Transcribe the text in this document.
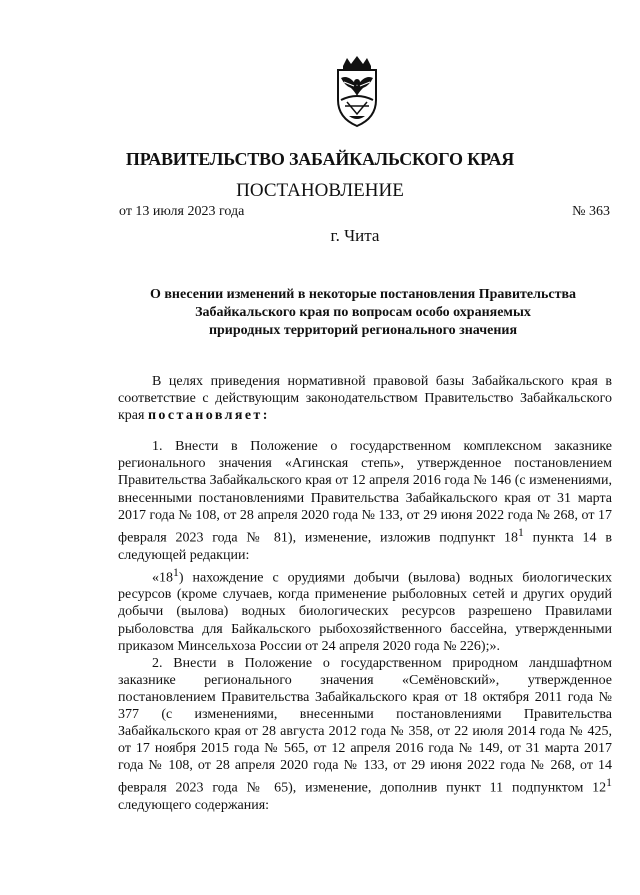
ПРАВИТЕЛЬСТВО ЗАБАЙКАЛЬСКОГО КРАЯ
ПОСТАНОВЛЕНИЕ
от 13 июля 2023 года	№ 363
г. Чита
О внесении изменений в некоторые постановления Правительства
Забайкальского края по вопросам особо охраняемых
природных территорий регионального значения

В целях приведения нормативной правовой базы Забайкальского края в соответствие с действующим законодательством Правительство Забайкальского края постановляет:

1. Внести в Положение о государственном комплексном заказнике регионального значения «Агинская степь», утвержденное постановлением Правительства Забайкальского края от 12 апреля 2016 года № 146 (с изменениями, внесенными постановлениями Правительства Забайкальского края от 31 марта 2017 года № 108, от 28 апреля 2020 года № 133, от 29 июня 2022 года № 268, от 17 февраля 2023 года № 81), изменение, изложив подпункт $18^1$ пункта 14 в следующей редакции:

«$18^1$) нахождение с орудиями добычи (вылова) водных биологических ресурсов (кроме случаев, когда применение рыболовных сетей и других орудий добычи (вылова) водных биологических ресурсов разрешено Правилами рыболовства для Байкальского рыбохозяйственного бассейна, утвержденными приказом Минсельхоза России от 24 апреля 2020 года № 226);».

2. Внести в Положение о государственном природном ландшафтном заказнике регионального значения «Семёновский», утвержденное постановлением Правительства Забайкальского края от 18 октября 2011 года № 377 (с изменениями, внесенными постановлениями Правительства Забайкальского края от 28 августа 2012 года № 358, от 22 июля 2014 года № 425, от 17 ноября 2015 года № 565, от 12 апреля 2016 года № 149, от 31 марта 2017 года № 108, от 28 апреля 2020 года № 133, от 29 июня 2022 года № 268, от 14 февраля 2023 года № 65), изменение, дополнив пункт 11 подпунктом $12^1$ следующего содержания:
